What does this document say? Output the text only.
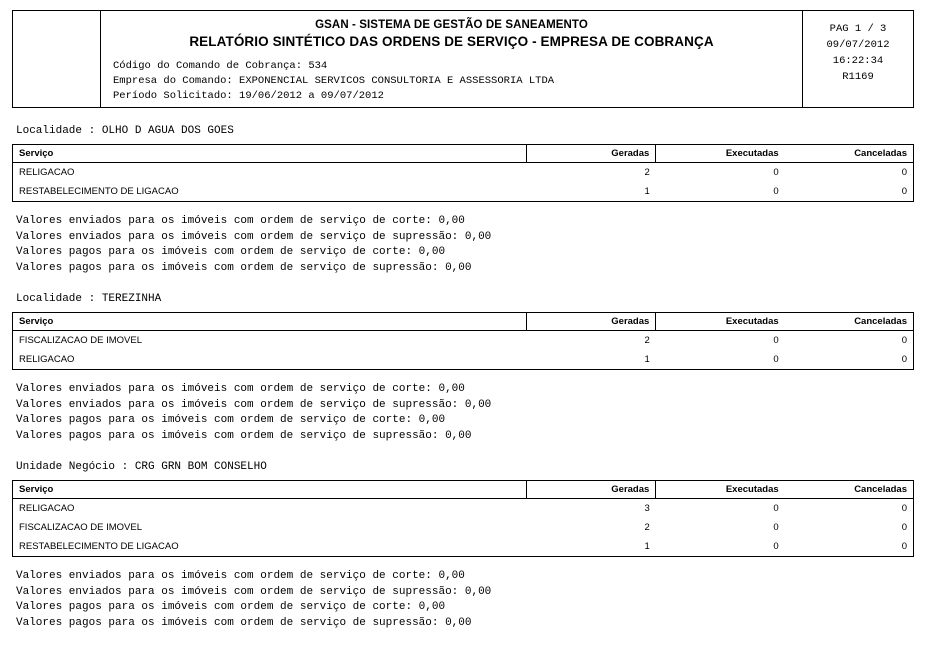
GSAN - SISTEMA DE GESTÃO DE SANEAMENTO
RELATÓRIO SINTÉTICO DAS ORDENS DE SERVIÇO - EMPRESA DE COBRANÇA
Código do Comando de Cobrança: 534
Empresa do Comando: EXPONENCIAL SERVICOS CONSULTORIA E ASSESSORIA LTDA
Período Solicitado: 19/06/2012 a 09/07/2012
PAG 1 / 3
09/07/2012
16:22:34
R1169
Localidade : OLHO D AGUA DOS GOES
Serviço	Geradas	Executadas	Canceladas
RELIGACAO	2	0	0
RESTABELECIMENTO DE LIGACAO	1	0	0
Valores enviados para os imóveis com ordem de serviço de corte: 0,00
Valores enviados para os imóveis com ordem de serviço de supressão: 0,00
Valores pagos para os imóveis com ordem de serviço de corte: 0,00
Valores pagos para os imóveis com ordem de serviço de supressão: 0,00
Localidade : TEREZINHA
Serviço	Geradas	Executadas	Canceladas
FISCALIZACAO DE IMOVEL	2	0	0
RELIGACAO	1	0	0
Valores enviados para os imóveis com ordem de serviço de corte: 0,00
Valores enviados para os imóveis com ordem de serviço de supressão: 0,00
Valores pagos para os imóveis com ordem de serviço de corte: 0,00
Valores pagos para os imóveis com ordem de serviço de supressão: 0,00
Unidade Negócio : CRG GRN BOM CONSELHO
Serviço	Geradas	Executadas	Canceladas
RELIGACAO	3	0	0
FISCALIZACAO DE IMOVEL	2	0	0
RESTABELECIMENTO DE LIGACAO	1	0	0
Valores enviados para os imóveis com ordem de serviço de corte: 0,00
Valores enviados para os imóveis com ordem de serviço de supressão: 0,00
Valores pagos para os imóveis com ordem de serviço de corte: 0,00
Valores pagos para os imóveis com ordem de serviço de supressão: 0,00
